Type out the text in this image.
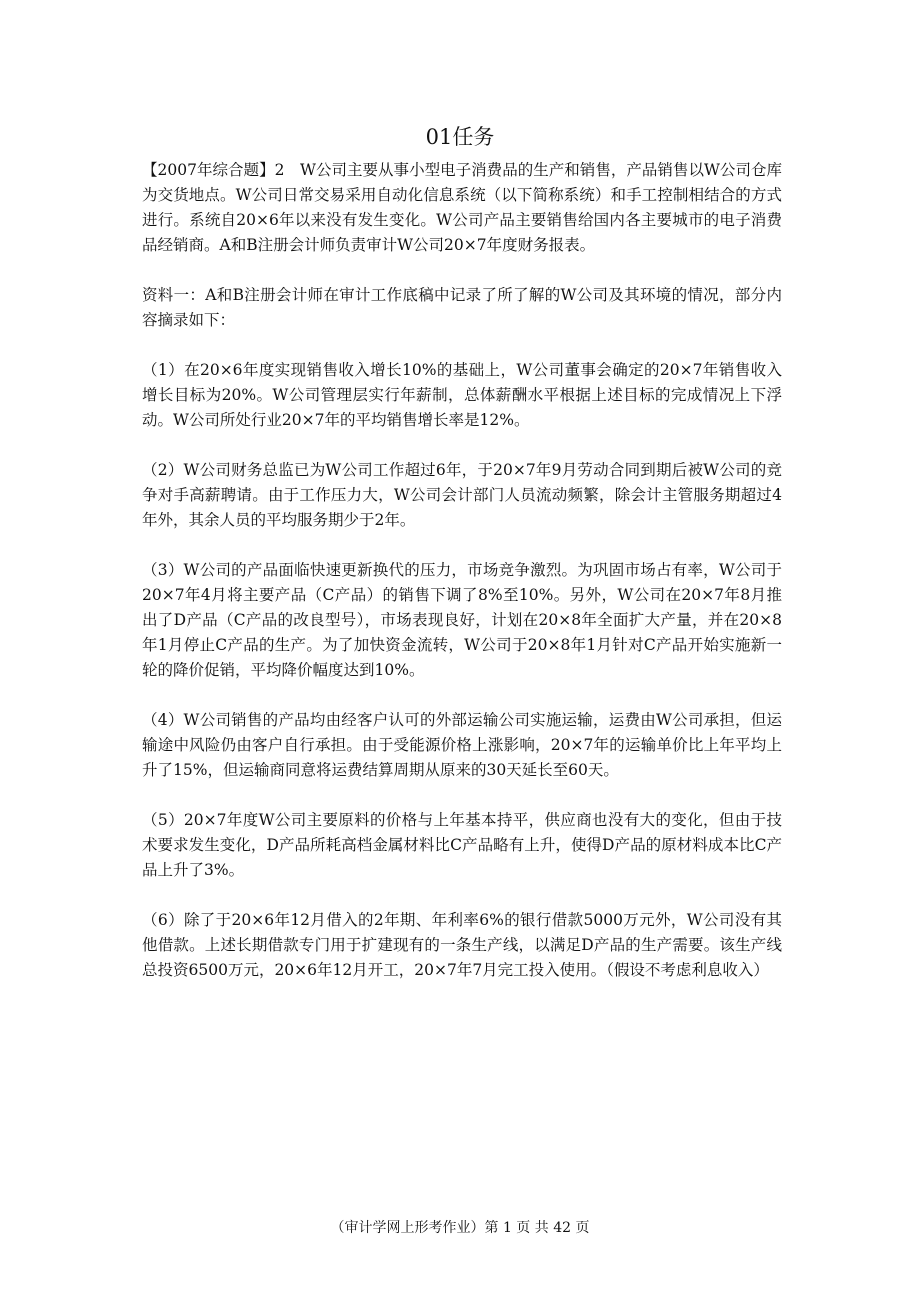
01任务

【2007年综合题】2　W公司主要从事小型电子消费品的生产和销售，产品销售以W公司仓库为交货地点。W公司日常交易采用自动化信息系统（以下简称系统）和手工控制相结合的方式进行。系统自20×6年以来没有发生变化。W公司产品主要销售给国内各主要城市的电子消费品经销商。A和B注册会计师负责审计W公司20×7年度财务报表。

资料一：A和B注册会计师在审计工作底稿中记录了所了解的W公司及其环境的情况，部分内容摘录如下：

（1）在20×6年度实现销售收入增长10%的基础上，W公司董事会确定的20×7年销售收入增长目标为20%。W公司管理层实行年薪制，总体薪酬水平根据上述目标的完成情况上下浮动。W公司所处行业20×7年的平均销售增长率是12%。

（2）W公司财务总监已为W公司工作超过6年，于20×7年9月劳动合同到期后被W公司的竞争对手高薪聘请。由于工作压力大，W公司会计部门人员流动频繁，除会计主管服务期超过4年外，其余人员的平均服务期少于2年。

（3）W公司的产品面临快速更新换代的压力，市场竞争激烈。为巩固市场占有率，W公司于20×7年4月将主要产品（C产品）的销售下调了8%至10%。另外，W公司在20×7年8月推出了D产品（C产品的改良型号），市场表现良好，计划在20×8年全面扩大产量，并在20×8年1月停止C产品的生产。为了加快资金流转，W公司于20×8年1月针对C产品开始实施新一轮的降价促销，平均降价幅度达到10%。

（4）W公司销售的产品均由经客户认可的外部运输公司实施运输，运费由W公司承担，但运输途中风险仍由客户自行承担。由于受能源价格上涨影响，20×7年的运输单价比上年平均上升了15%，但运输商同意将运费结算周期从原来的30天延长至60天。

（5）20×7年度W公司主要原料的价格与上年基本持平，供应商也没有大的变化，但由于技术要求发生变化，D产品所耗高档金属材料比C产品略有上升，使得D产品的原材料成本比C产品上升了3%。

（6）除了于20×6年12月借入的2年期、年利率6%的银行借款5000万元外，W公司没有其他借款。上述长期借款专门用于扩建现有的一条生产线，以满足D产品的生产需要。该生产线总投资6500万元，20×6年12月开工，20×7年7月完工投入使用。（假设不考虑利息收入）

（审计学网上形考作业）第 1 页 共 42 页
